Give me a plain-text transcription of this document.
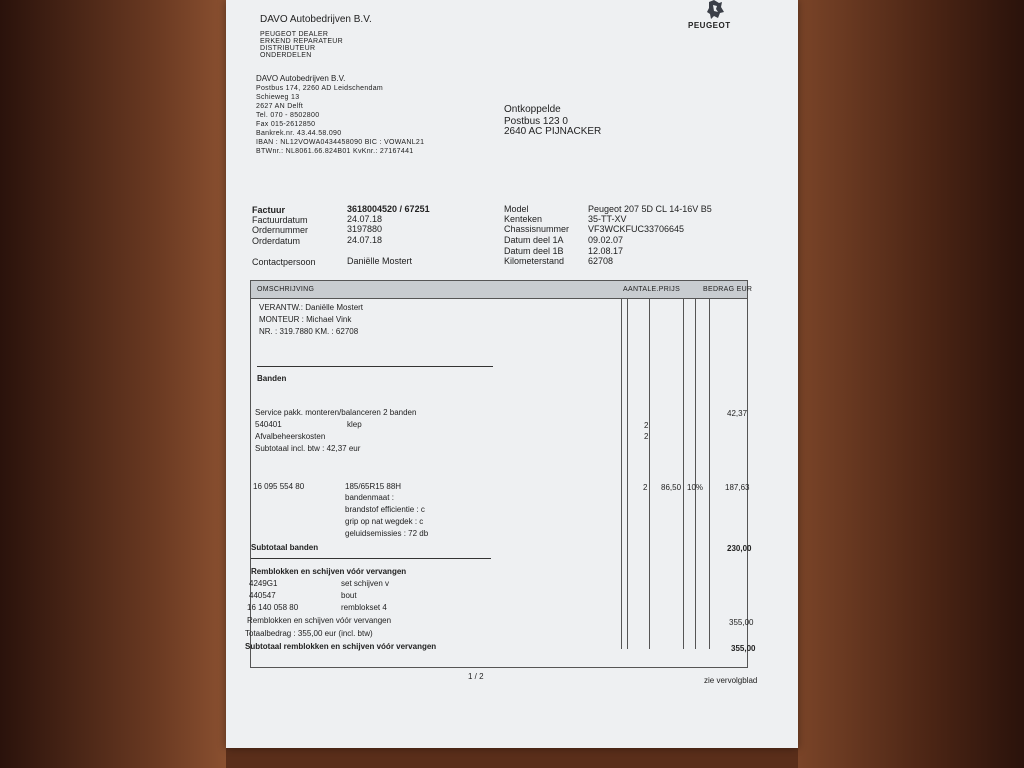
DAVO Autobedrijven B.V.
PEUGEOT DEALER
ERKEND REPARATEUR
DISTRIBUTEUR
ONDERDELEN
PEUGEOT
DAVO Autobedrijven B.V.
Postbus 174, 2260 AD Leidschendam
Schieweg 13
2627 AN Delft
Tel. 070 - 8502800
Fax 015-2612850
Bankrek.nr. 43.44.58.090
IBAN : NL12VOWA0434458090 BIC : VOWANL21
BTWnr.: NL8061.66.824B01 KvKnr.: 27167441
Ontkoppelde
Postbus 123 0
2640 AC PIJNACKER
Factuur	3618004520 / 67251
Factuurdatum	24.07.18
Ordernummer	3197880
Orderdatum	24.07.18
Contactpersoon	Daniëlle Mostert
Model	Peugeot 207 5D CL 14-16V B5
Kenteken	35-TT-XV
Chassisnummer VF3WCKFUC33706645
Datum deel 1A	09.02.07
Datum deel 1B	12.08.17
Kilometerstand	62708
OMSCHRIJVING	AANTALE.PRIJS	BEDRAG EUR
VERANTW.: Daniëlle Mostert
MONTEUR : Michael Vink
NR. : 319.7880 KM. : 62708
Banden
Service pakk. monteren/balanceren 2 banden	42,37
540401	klep	2
Afvalbeheerskosten	2
Subtotaal incl. btw : 42,37 eur
16 095 554 80	185/65R15 88H	2 86,50 10%	187,63
bandenmaat :
brandstof efficientie : c
grip op nat wegdek : c
geluidsemissies : 72 db
Subtotaal banden	230,00
Remblokken en schijven vóór vervangen
4249G1	set schijven v
440547	bout
16 140 058 80	remblokset 4
Remblokken en schijven vóór vervangen	355,00
Totaalbedrag : 355,00 eur (incl. btw)
Subtotaal remblokken en schijven vóór vervangen	355,00
1 / 2	zie vervolgblad
